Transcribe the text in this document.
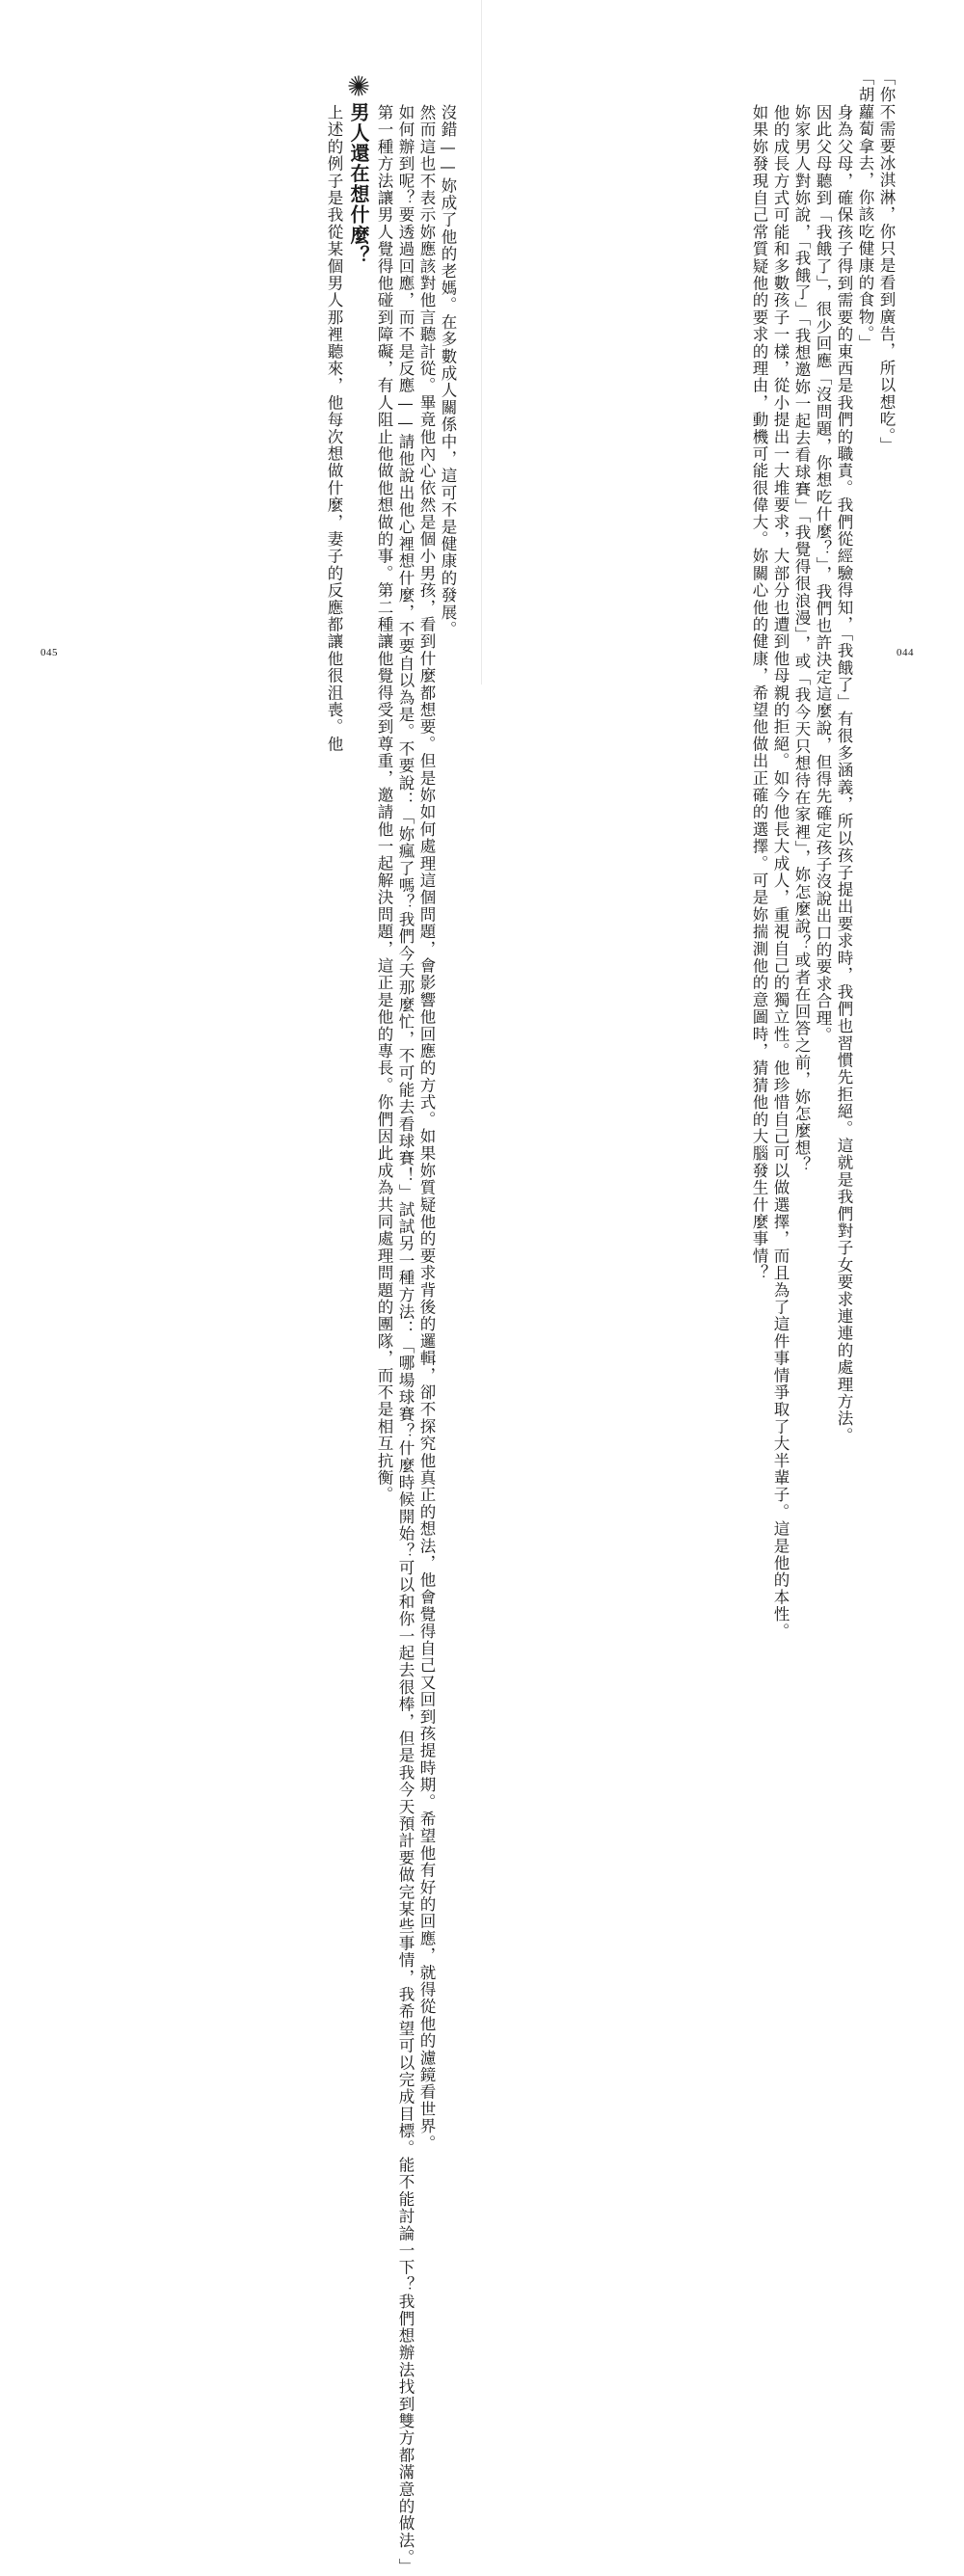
「你不需要冰淇淋，你只是看到廣告，所以想吃。」
「胡蘿蔔拿去，你該吃健康的食物。」
身為父母，確保孩子得到需要的東西是我們的職責。我們從經驗得知，「我餓了」有很多涵義，所以孩子提出要求時，我們也習慣先拒絕。這就是我們對子女要求連連的處理方法。
因此父母聽到「我餓了」，很少回應「沒問題，你想吃什麼？」，我們也許決定這麼說，但得先確定孩子沒說出口的要求合理。
妳家男人對妳說，「我餓了」「我想邀妳一起去看球賽」「我覺得很浪漫」，或「我今天只想待在家裡」，妳怎麼說？或者在回答之前，妳怎麼想？
他的成長方式可能和多數孩子一樣，從小提出一大堆要求，大部分也遭到他母親的拒絕。如今他長大成人，重視自己的獨立性。他珍惜自己可以做選擇，而且為了這件事情爭取了大半輩子。這是他的本性。
如果妳發現自己常質疑他的要求的理由，動機可能很偉大。妳關心他的健康，希望他做出正確的選擇。可是妳揣測他的意圖時，猜猜他的大腦發生什麼事情？	044
沒錯——妳成了他的老媽。在多數成人關係中，這可不是健康的發展。
然而這也不表示妳應該對他言聽計從。畢竟他內心依然是個小男孩，看到什麼都想要。但是妳如何處理這個問題，會影響他回應的方式。如果妳質疑他的要求背後的邏輯，卻不探究他真正的想法，他會覺得自己又回到孩提時期。希望他有好的回應，就得從他的濾鏡看世界。
如何辦到呢？要透過回應，而不是反應——請他說出他心裡想什麼，不要自以為是。不要說：「妳瘋了嗎？我們今天那麼忙，不可能去看球賽！」試試另一種方法：「哪場球賽？什麼時候開始？可以和你一起去很棒，但是我今天預計要做完某些事情，我希望可以完成目標。能不能討論一下？我們想辦法找到雙方都滿意的做法。」
第一種方法讓男人覺得他碰到障礙，有人阻止他做他想做的事。第二種讓他覺得受到尊重，邀請他一起解決問題，這正是他的專長。你們因此成為共同處理問題的團隊，而不是相互抗衡。
男人還在想什麼？
上述的例子是我從某個男人那裡聽來，他每次想做什麼，妻子的反應都讓他很沮喪。他
045
